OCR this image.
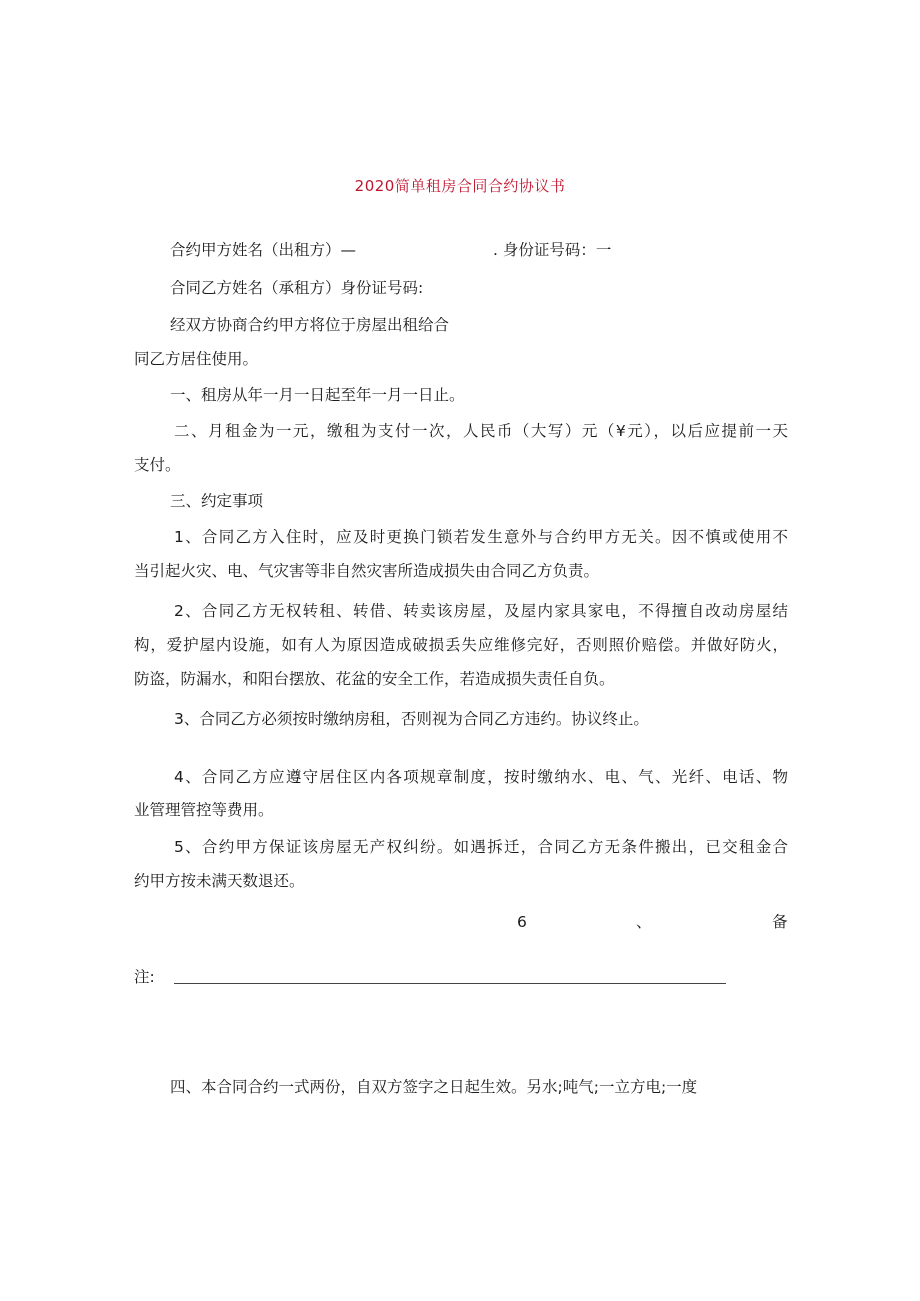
2020简单租房合同合约协议书
合约甲方姓名（出租方）—	. 身份证号码：一
合同乙方姓名（承租方）身份证号码:
经双方协商合约甲方将位于房屋出租给合
同乙方居住使用。
一、租房从年一月一日起至年一月一日止。
二、月租金为一元，缴租为支付一次，人民币（大写）元（¥元），以后应提前一天
支付。
三、约定事项
1、合同乙方入住时，应及时更换门锁若发生意外与合约甲方无关。因不慎或使用不
当引起火灾、电、气灾害等非自然灾害所造成损失由合同乙方负责。
2、合同乙方无权转租、转借、转卖该房屋，及屋内家具家电，不得擅自改动房屋结
构，爱护屋内设施，如有人为原因造成破损丢失应维修完好，否则照价赔偿。并做好防火，
防盗，防漏水，和阳台摆放、花盆的安全工作，若造成损失责任自负。
3、合同乙方必须按时缴纳房租，否则视为合同乙方违约。协议终止。
4、合同乙方应遵守居住区内各项规章制度，按时缴纳水、电、气、光纤、电话、物
业管理管控等费用。
5、合约甲方保证该房屋无产权纠纷。如遇拆迁，合同乙方无条件搬出，已交租金合
约甲方按未满天数退还。
6	、	备
注:
四、本合同合约一式两份，自双方签字之日起生效。另水;吨气;一立方电;一度
